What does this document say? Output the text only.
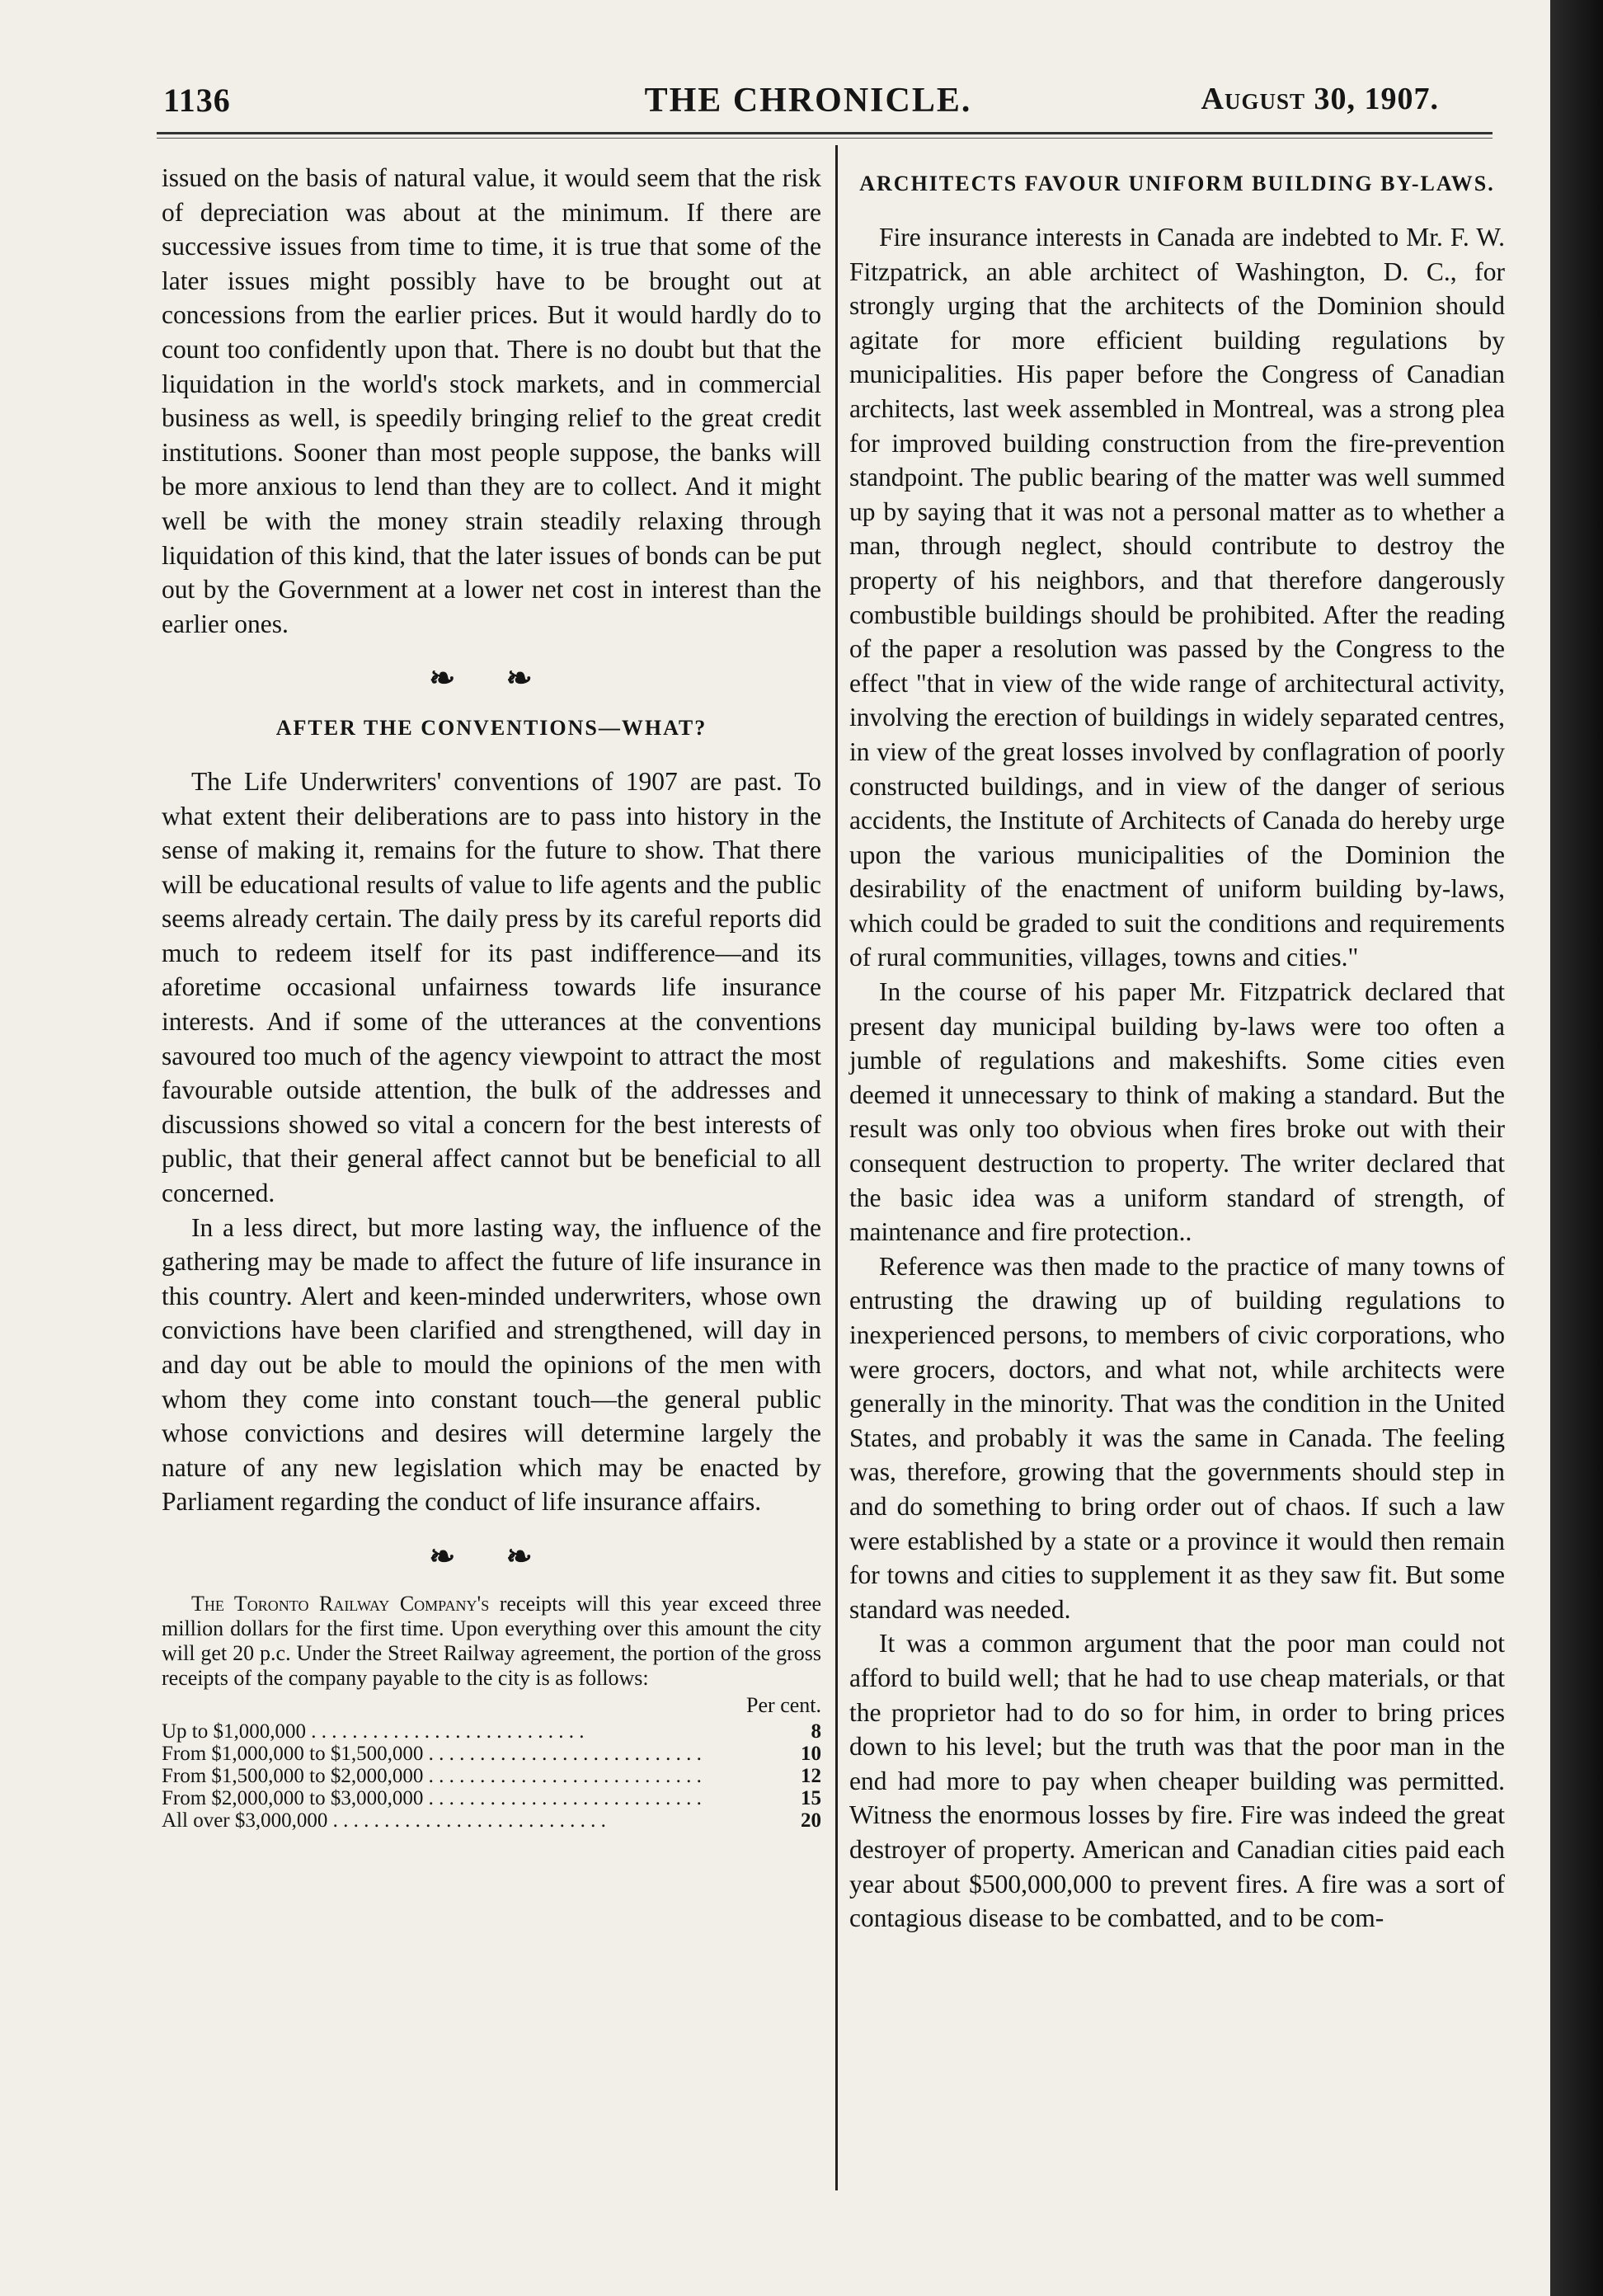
1136	THE CHRONICLE.	August 30, 1907.

issued on the basis of natural value, it would seem that the risk of depreciation was about at the minimum. If there are successive issues from time to time, it is true that some of the later issues might possibly have to be brought out at concessions from the earlier prices. But it would hardly do to count too confidently upon that. There is no doubt but that the liquidation in the world's stock markets, and in commercial business as well, is speedily bringing relief to the great credit institutions. Sooner than most people suppose, the banks will be more anxious to lend than they are to collect. And it might well be with the money strain steadily relaxing through liquidation of this kind, that the later issues of bonds can be put out by the Government at a lower net cost in interest than the earlier ones.

❧ ❧
AFTER THE CONVENTIONS—WHAT?

The Life Underwriters' conventions of 1907 are past. To what extent their deliberations are to pass into history in the sense of making it, remains for the future to show. That there will be educational results of value to life agents and the public seems already certain. The daily press by its careful reports did much to redeem itself for its past indifference—and its aforetime occasional unfairness towards life insurance interests. And if some of the utterances at the conventions savoured too much of the agency viewpoint to attract the most favourable outside attention, the bulk of the addresses and discussions showed so vital a concern for the best interests of public, that their general affect cannot but be beneficial to all concerned.

In a less direct, but more lasting way, the influence of the gathering may be made to affect the future of life insurance in this country. Alert and keen-minded underwriters, whose own convictions have been clarified and strengthened, will day in and day out be able to mould the opinions of the men with whom they come into constant touch—the general public whose convictions and desires will determine largely the nature of any new legislation which may be enacted by Parliament regarding the conduct of life insurance affairs.

❧ ❧

The Toronto Railway Company's receipts will this year exceed three million dollars for the first time. Upon everything over this amount the city will get 20 p.c. Under the Street Railway agreement, the portion of the gross receipts of the company payable to the city is as follows:

Per cent.
Up to $1,000,000 . . . . . . . . . . . . . . . . . . . . . . . . . . .	8
From $1,000,000 to $1,500,000 . . . . . . . . . . . . . . . . . . . . . . . . . . .	10
From $1,500,000 to $2,000,000 . . . . . . . . . . . . . . . . . . . . . . . . . . .	12
From $2,000,000 to $3,000,000 . . . . . . . . . . . . . . . . . . . . . . . . . . .	15
All over $3,000,000 . . . . . . . . . . . . . . . . . . . . . . . . . . .	20
ARCHITECTS FAVOUR UNIFORM BUILDING BY-LAWS.

Fire insurance interests in Canada are indebted to Mr. F. W. Fitzpatrick, an able architect of Washington, D. C., for strongly urging that the architects of the Dominion should agitate for more efficient building regulations by municipalities. His paper before the Congress of Canadian architects, last week assembled in Montreal, was a strong plea for improved building construction from the fire-prevention standpoint. The public bearing of the matter was well summed up by saying that it was not a personal matter as to whether a man, through neglect, should contribute to destroy the property of his neighbors, and that therefore dangerously combustible buildings should be prohibited. After the reading of the paper a resolution was passed by the Congress to the effect "that in view of the wide range of architectural activity, involving the erection of buildings in widely separated centres, in view of the great losses involved by conflagration of poorly constructed buildings, and in view of the danger of serious accidents, the Institute of Architects of Canada do hereby urge upon the various municipalities of the Dominion the desirability of the enactment of uniform building by-laws, which could be graded to suit the conditions and requirements of rural communities, villages, towns and cities."

In the course of his paper Mr. Fitzpatrick declared that present day municipal building by-laws were too often a jumble of regulations and makeshifts. Some cities even deemed it unnecessary to think of making a standard. But the result was only too obvious when fires broke out with their consequent destruction to property. The writer declared that the basic idea was a uniform standard of strength, of maintenance and fire protection..

Reference was then made to the practice of many towns of entrusting the drawing up of building regulations to inexperienced persons, to members of civic corporations, who were grocers, doctors, and what not, while architects were generally in the minority. That was the condition in the United States, and probably it was the same in Canada. The feeling was, therefore, growing that the governments should step in and do something to bring order out of chaos. If such a law were established by a state or a province it would then remain for towns and cities to supplement it as they saw fit. But some standard was needed.

It was a common argument that the poor man could not afford to build well; that he had to use cheap materials, or that the proprietor had to do so for him, in order to bring prices down to his level; but the truth was that the poor man in the end had more to pay when cheaper building was permitted. Witness the enormous losses by fire. Fire was indeed the great destroyer of property. American and Canadian cities paid each year about $500,000,000 to prevent fires. A fire was a sort of contagious disease to be combatted, and to be com-
